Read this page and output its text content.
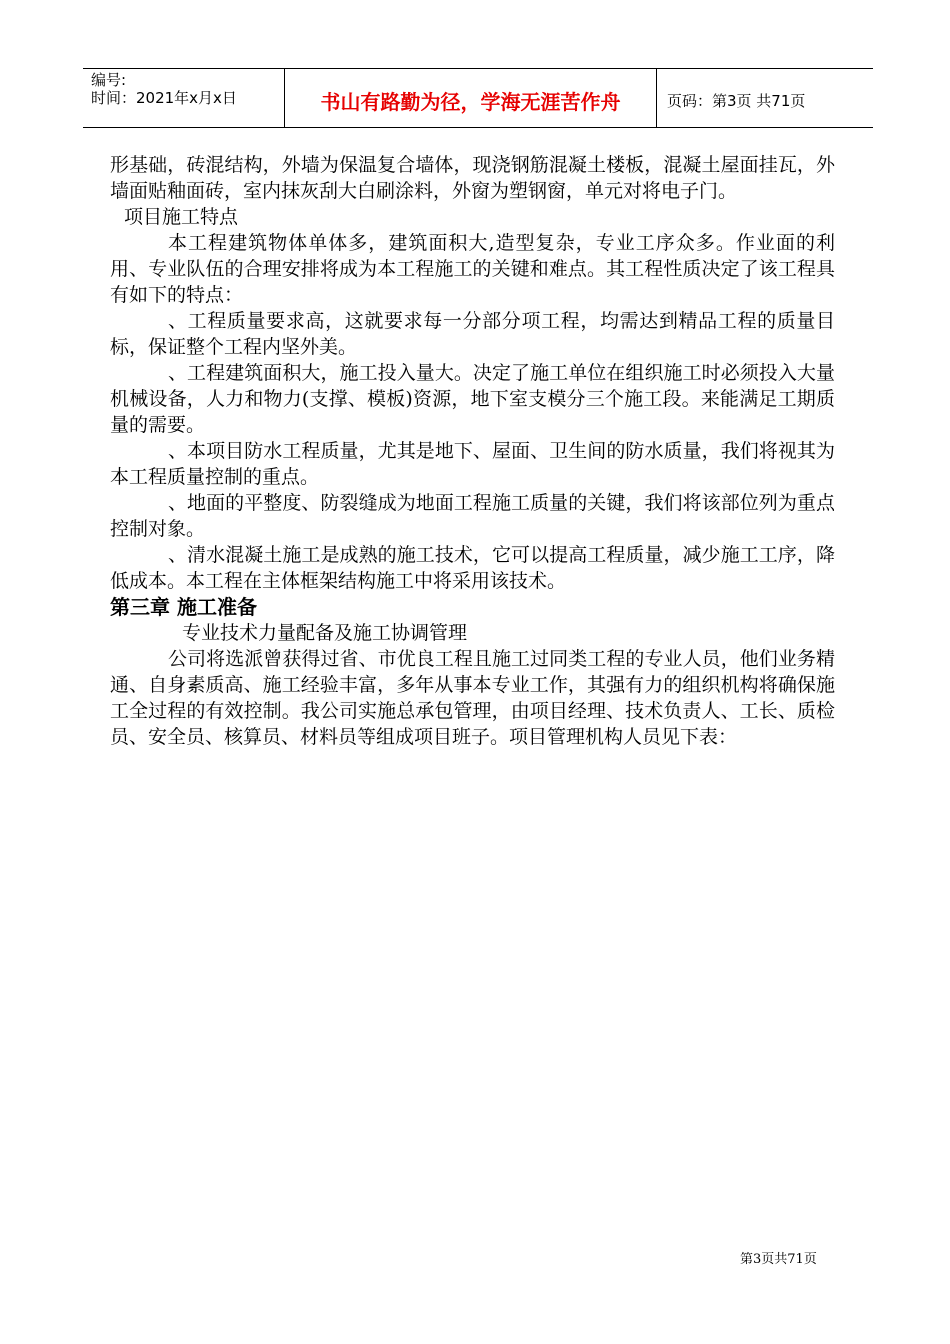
编号:
时间：2021年x月x日	书山有路勤为径，学海无涯苦作舟	页码：第3页 共71页

形基础，砖混结构，外墙为保温复合墙体，现浇钢筋混凝土楼板，混凝土屋面挂瓦，外墙面贴釉面砖，室内抹灰刮大白刷涂料，外窗为塑钢窗，单元对将电子门。

项目施工特点

本工程建筑物体单体多，建筑面积大,造型复杂，专业工序众多。作业面的利用、专业队伍的合理安排将成为本工程施工的关键和难点。其工程性质决定了该工程具有如下的特点：

、工程质量要求高，这就要求每一分部分项工程，均需达到精品工程的质量目标，保证整个工程内坚外美。

、工程建筑面积大，施工投入量大。决定了施工单位在组织施工时必须投入大量机械设备，人力和物力(支撑、模板)资源，地下室支模分三个施工段。来能满足工期质量的需要。

、本项目防水工程质量，尤其是地下、屋面、卫生间的防水质量，我们将视其为本工程质量控制的重点。

、地面的平整度、防裂缝成为地面工程施工质量的关键，我们将该部位列为重点控制对象。

、清水混凝土施工是成熟的施工技术，它可以提高工程质量，减少施工工序，降低成本。本工程在主体框架结构施工中将采用该技术。

第三章 施工准备

专业技术力量配备及施工协调管理

公司将选派曾获得过省、市优良工程且施工过同类工程的专业人员，他们业务精通、自身素质高、施工经验丰富，多年从事本专业工作，其强有力的组织机构将确保施工全过程的有效控制。我公司实施总承包管理，由项目经理、技术负责人、工长、质检员、安全员、核算员、材料员等组成项目班子。项目管理机构人员见下表：

第3页共71页
